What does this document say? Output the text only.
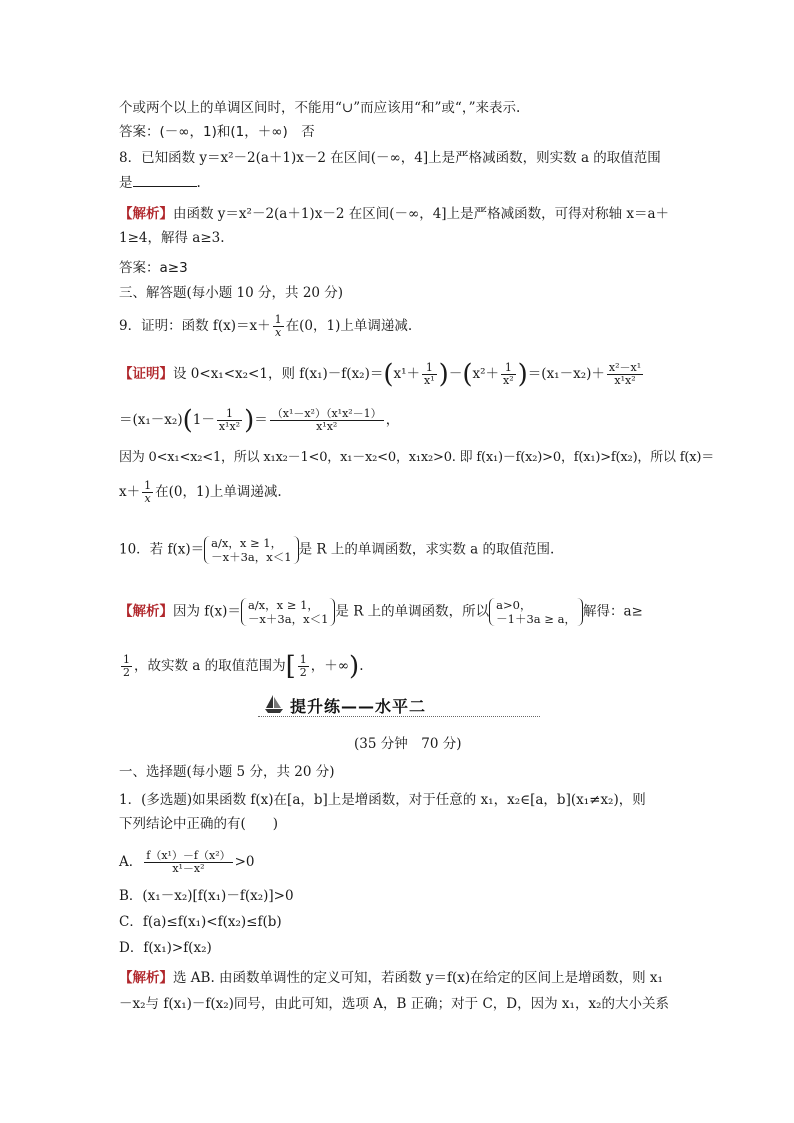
个或两个以上的单调区间时，不能用“∪”而应该用“和”或“，”来表示.
答案：(－∞，1)和(1，＋∞)　否
8．已知函数 y＝x²－2(a＋1)x－2 在区间(－∞，4]上是严格减函数，则实数 a 的取值范围
是	.
【解析】由函数 y＝x²－2(a＋1)x－2 在区间(－∞，4]上是严格减函数，可得对称轴 x＝a＋
1≥4，解得 a≥3.
答案：a≥3
三、解答题(每小题 10 分，共 20 分)
9．证明：函数 $f(x)=x+ \frac{1}{x}$ 在(0，1)上单调递减.
【证明】设 0<x₁<x₂<1，则 $f(x_1)-f(x_2)=(x^1+ \frac{1}{\text{x¹}} )-(x^2+ \frac{1}{\text{x²}} )=(x_1-x_2)+ \frac{\text{x²－x¹}}{\text{x¹x²}}$
$=(x_1-x_2)(1- \frac{1}{\text{x¹x²}}$ )＝ $\frac{\text{（x¹－x²）（x¹x²－1）}}{\text{x¹x²}}$ ，
因为 0<x₁<x₂<1，所以 x₁x₂－1<0，x₁－x₂<0，x₁x₂>0. 即 f(x₁)－f(x₂)>0，f(x₁)>f(x₂)，所以 f(x)＝
$x+ \frac{1}{x}$ 在(0，1)上单调递减.
10．若 f(x)＝ a/x，x ≥ 1，
－x＋3a，x＜1 是 R 上的单调函数，求实数 a 的取值范围.
【解析】因为 f(x)＝ a/x，x ≥ 1，
－x＋3a，x＜1 是 R 上的单调函数，所以 a>0，
－1＋3a ≥ a， 解得：a≥
$\frac{1}{2}$ ，故实数 a 的取值范围为[ $\frac{1}{2}$ ，＋∞).
提升练——水平二
(35 分钟　70 分)
一、选择题(每小题 5 分，共 20 分)
1．(多选题)如果函数 f(x)在[a，b]上是增函数，对于任意的 x₁，x₂∈[a，b](x₁≠x₂)，则
下列结论中正确的有(　　)
A． $\frac{\text{f（x¹）－f（x²）}}{\text{x¹－x²}} >0$
B．(x₁－x₂)[f(x₁)－f(x₂)]>0
C．f(a)≤f(x₁)<f(x₂)≤f(b)
D．f(x₁)>f(x₂)
【解析】选 AB. 由函数单调性的定义可知，若函数 y＝f(x)在给定的区间上是增函数，则 x₁
－x₂与 f(x₁)－f(x₂)同号，由此可知，选项 A，B 正确；对于 C，D，因为 x₁，x₂的大小关系
